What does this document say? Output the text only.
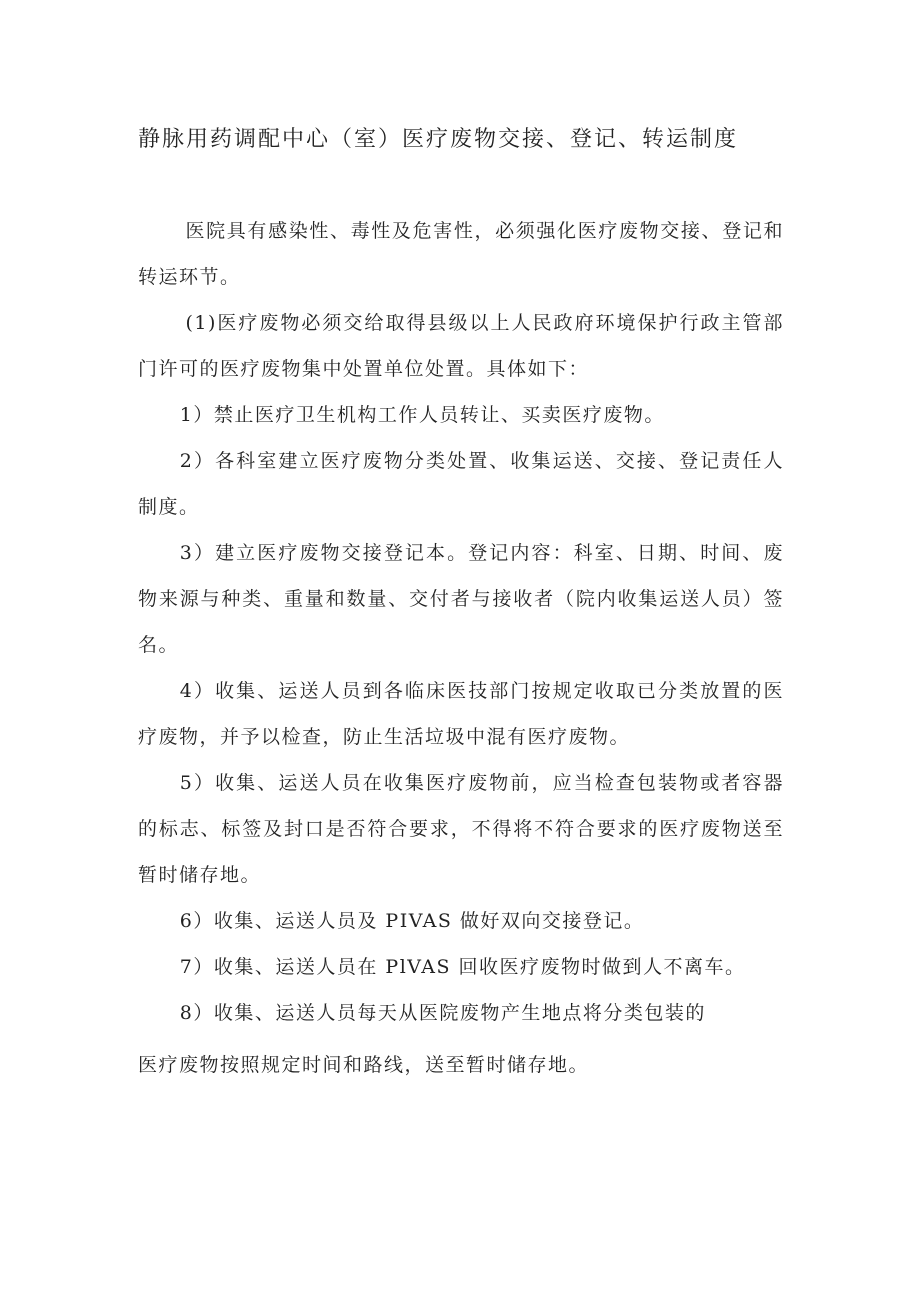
静脉用药调配中心（室）医疗废物交接、登记、转运制度

医院具有感染性、毒性及危害性，必须强化医疗废物交接、登记和转运环节。

(1)医疗废物必须交给取得县级以上人民政府环境保护行政主管部门许可的医疗废物集中处置单位处置。具体如下：

1）禁止医疗卫生机构工作人员转让、买卖医疗废物。

2）各科室建立医疗废物分类处置、收集运送、交接、登记责任人制度。

3）建立医疗废物交接登记本。登记内容：科室、日期、时间、废物来源与种类、重量和数量、交付者与接收者（院内收集运送人员）签名。

4）收集、运送人员到各临床医技部门按规定收取已分类放置的医疗废物，并予以检查，防止生活垃圾中混有医疗废物。

5）收集、运送人员在收集医疗废物前，应当检查包装物或者容器的标志、标签及封口是否符合要求，不得将不符合要求的医疗废物送至暂时储存地。

6）收集、运送人员及 PIVAS 做好双向交接登记。

7）收集、运送人员在 PlVAS 回收医疗废物时做到人不离车。

8）收集、运送人员每天从医院废物产生地点将分类包装的

医疗废物按照规定时间和路线，送至暂时储存地。
